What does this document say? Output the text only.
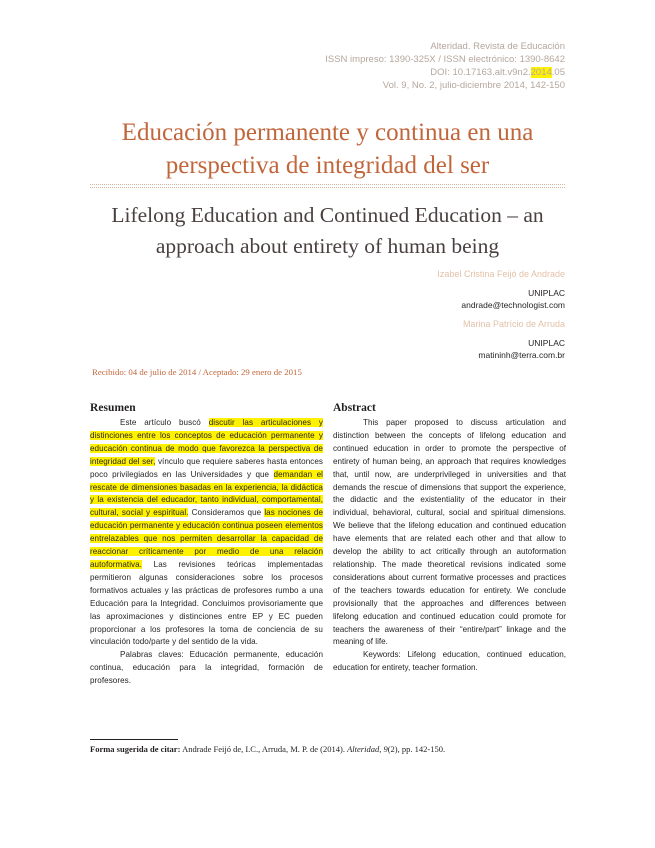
Alteridad. Revista de Educación
ISSN impreso: 1390-325X / ISSN electrónico: 1390-8642
DOI: 10.17163.alt.v9n2.2014.05
Vol. 9, No. 2, julio-diciembre 2014, 142-150
Educación permanente y continua en una
perspectiva de integridad del ser
Lifelong Education and Continued Education – an
approach about entirety of human being
Izabel Cristina Feijó de Andrade
UNIPLAC
andrade@technologist.com
Marina Patrício de Arruda
UNIPLAC
matininh@terra.com.br
Recibido: 04 de julio de 2014 / Aceptado: 29 enero de 2015
Resumen

Este artículo buscó discutir las articulaciones y distinciones entre los conceptos de educación permanente y educación continua de modo que favorezca la perspectiva de integridad del ser, vínculo que requiere saberes hasta entonces poco privilegiados en las Universidades y que demandan el rescate de dimensiones basadas en la experiencia, la didáctica y la existencia del educador, tanto individual, comportamental, cultural, social y espiritual. Consideramos que las nociones de educación permanente y educación continua poseen elementos entrelazables que nos permiten desarrollar la capacidad de reaccionar críticamente por medio de una relación autoformativa. Las revisiones teóricas implementadas permitieron algunas consideraciones sobre los procesos formativos actuales y las prácticas de profesores rumbo a una Educación para la Integridad. Concluimos provisoriamente que las aproximaciones y distinciones entre EP y EC pueden proporcionar a los profesores la toma de conciencia de su vinculación todo/parte y del sentido de la vida.

Palabras claves: Educación permanente, educación continua, educación para la integridad, formación de profesores.

Abstract

This paper proposed to discuss articulation and distinction between the concepts of lifelong education and continued education in order to promote the perspective of entirety of human being, an approach that requires knowledges that, until now, are underprivileged in universities and that demands the rescue of dimensions that support the experience, the didactic and the existentiality of the educator in their individual, behavioral, cultural, social and spiritual dimensions. We believe that the lifelong education and continued education have elements that are related each other and that allow to develop the ability to act critically through an autoformation relationship. The made theoretical revisions indicated some considerations about current formative processes and practices of the teachers towards education for entirety. We conclude provisionally that the approaches and differences between lifelong education and continued education could promote for teachers the awareness of their “entire/part” linkage and the meaning of life.

Keywords: Lifelong education, continued education, education for entirety, teacher formation.

Forma sugerida de citar: Andrade Feijó de, I.C., Arruda, M. P. de (2014). Alteridad, 9(2), pp. 142-150.
